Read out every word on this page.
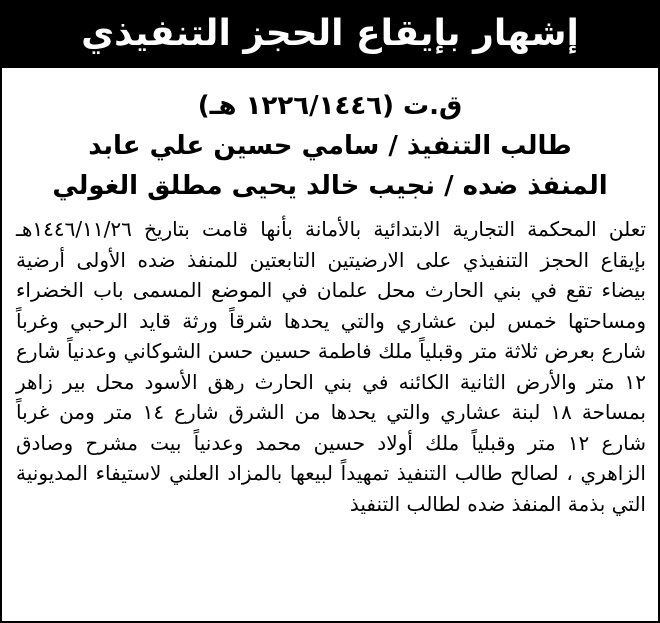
إشهار بإيقاع الحجز التنفيذي
ق.ت (١٢٢٦/١٤٤٦ هـ)
طالب التنفيذ / سامي حسين علي عابد
المنفذ ضده / نجيب خالد يحيى مطلق الغولي
تعلن المحكمة التجارية الابتدائية بالأمانة بأنها قامت بتاريخ ١٤٤٦/١١/٢٦هـ بإيقاع الحجز التنفيذي على الارضيتين التابعتين للمنفذ ضده الأولى أرضية بيضاء تقع في بني الحارث محل علمان في الموضع المسمى باب الخضراء ومساحتها خمس لبن عشاري والتي يحدها شرقاً ورثة قايد الرحبي وغرباً شارع بعرض ثلاثة متر وقبلياً ملك فاطمة حسين حسن الشوكاني وعدنياً شارع ١٢ متر والأرض الثانية الكائنه في بني الحارث رهق الأسود محل بير زاهر بمساحة ١٨ لبنة عشاري والتي يحدها من الشرق شارع ١٤ متر ومن غرباً شارع ١٢ متر وقبلياً ملك أولاد حسين محمد وعدنياً بيت مشرح وصادق الزاهري ، لصالح طالب التنفيذ تمهيداً لبيعها بالمزاد العلني لاستيفاء المديونية التي بذمة المنفذ ضده لطالب التنفيذ
